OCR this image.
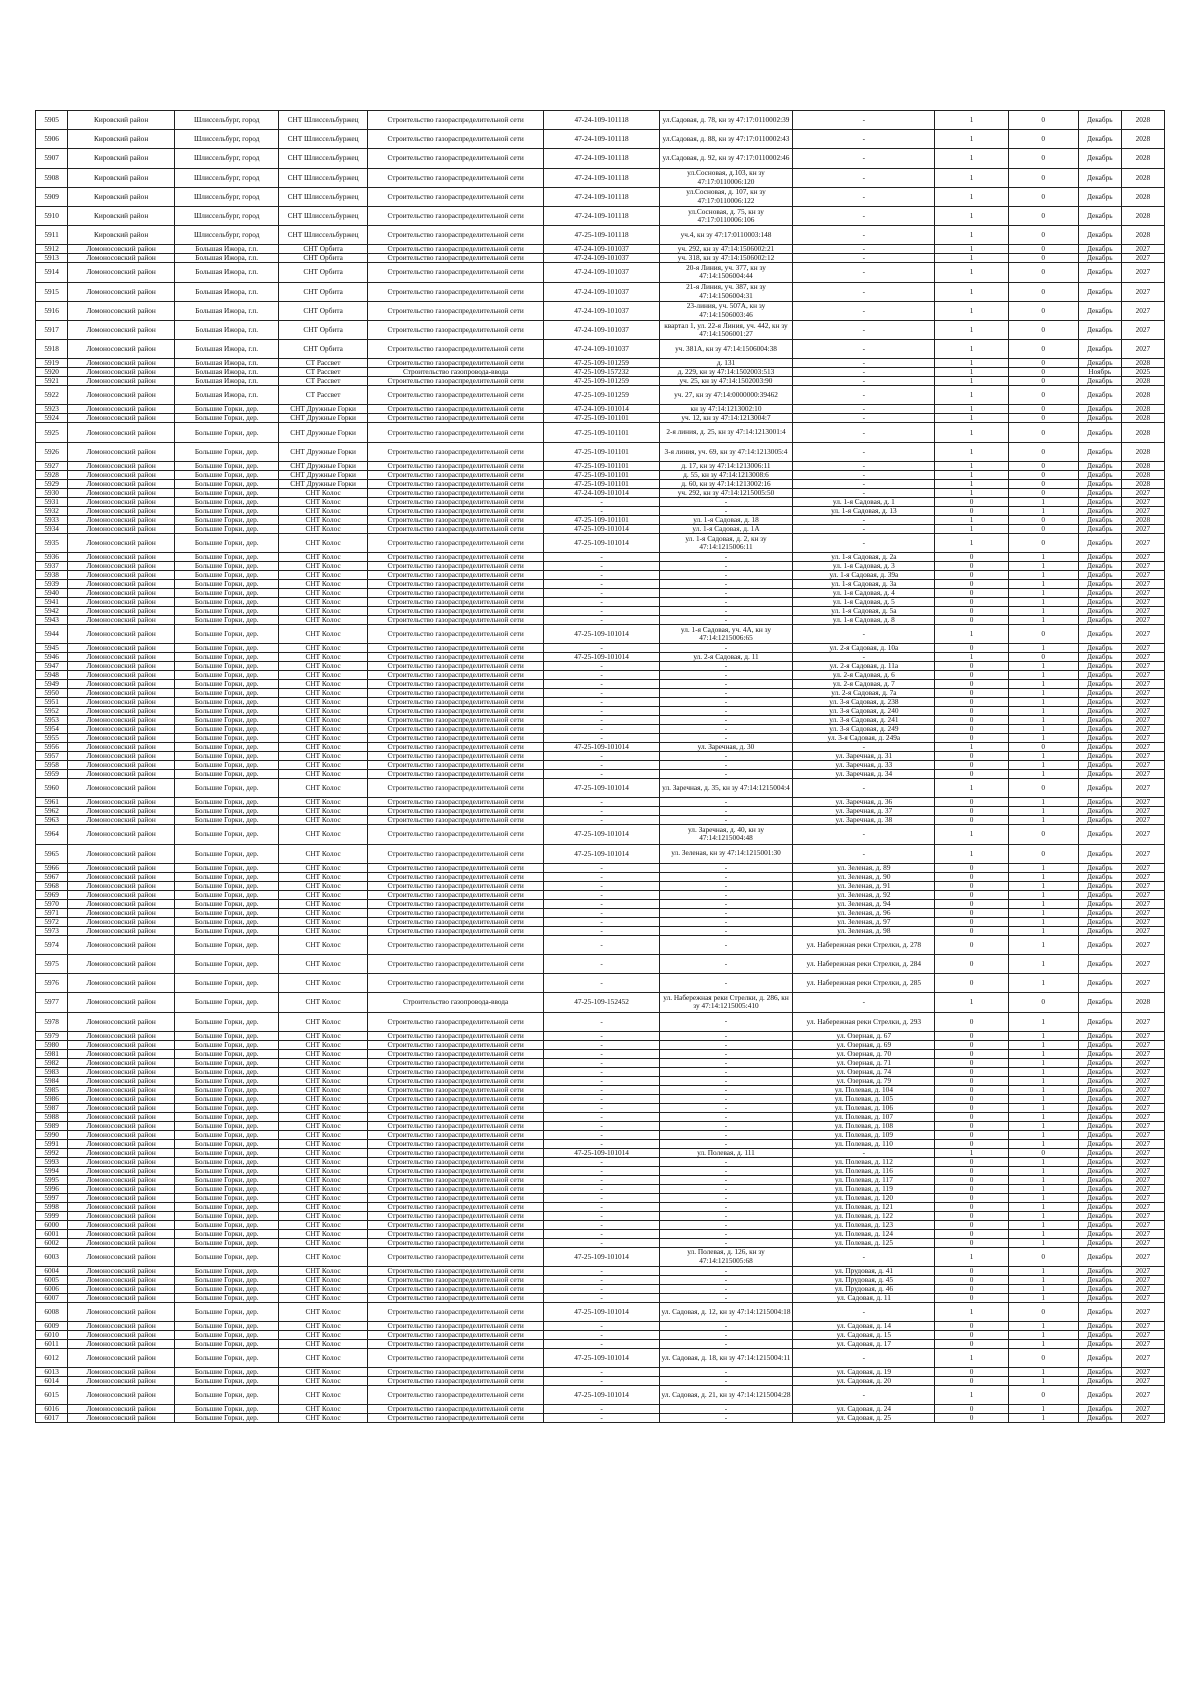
5905	Кировский район	Шлиссельбург, город	СНТ Шлиссельбуржец	Строительство газораспределительной сети	47-24-109-101118	ул.Садовая, д. 78, кн зу 47:17:0110002:39	-	1	0	Декабрь	2028
5906	Кировский район	Шлиссельбург, город	СНТ Шлиссельбуржец	Строительство газораспределительной сети	47-24-109-101118	ул.Садовая, д. 88, кн зу 47:17:0110002:43	-	1	0	Декабрь	2028
5907	Кировский район	Шлиссельбург, город	СНТ Шлиссельбуржец	Строительство газораспределительной сети	47-24-109-101118	ул.Садовая, д. 92, кн зу 47:17:0110002:46	-	1	0	Декабрь	2028
5908	Кировский район	Шлиссельбург, город	СНТ Шлиссельбуржец	Строительство газораспределительной сети	47-24-109-101118	ул.Сосновая, д.103, кн зу 47:17:0110006:120	-	1	0	Декабрь	2028
5909	Кировский район	Шлиссельбург, город	СНТ Шлиссельбуржец	Строительство газораспределительной сети	47-24-109-101118	ул.Сосновая, д. 107, кн зу 47:17:0110006:122	-	1	0	Декабрь	2028
5910	Кировский район	Шлиссельбург, город	СНТ Шлиссельбуржец	Строительство газораспределительной сети	47-24-109-101118	ул.Сосновая, д. 75, кн зу 47:17:0110006:106	-	1	0	Декабрь	2028
5911	Кировский район	Шлиссельбург, город	СНТ Шлиссельбуржец	Строительство газораспределительной сети	47-25-109-101118	уч.4, кн зу 47:17:0110003:148	-	1	0	Декабрь	2028
5912	Ломоносовский район	Большая Ижора, г.п.	СНТ Орбита	Строительство газораспределительной сети	47-24-109-101037	уч. 292, кн зу 47:14:1506002:21	-	1	0	Декабрь	2027
5913	Ломоносовский район	Большая Ижора, г.п.	СНТ Орбита	Строительство газораспределительной сети	47-24-109-101037	уч. 318, кн зу 47:14:1506002:12	-	1	0	Декабрь	2027
5914	Ломоносовский район	Большая Ижора, г.п.	СНТ Орбита	Строительство газораспределительной сети	47-24-109-101037	20-я Линия, уч. 377, кн зу 47:14:1506004:44	-	1	0	Декабрь	2027
5915	Ломоносовский район	Большая Ижора, г.п.	СНТ Орбита	Строительство газораспределительной сети	47-24-109-101037	21-я Линия, уч. 387, кн зу 47:14:1506004:31	-	1	0	Декабрь	2027
5916	Ломоносовский район	Большая Ижора, г.п.	СНТ Орбита	Строительство газораспределительной сети	47-24-109-101037	23-линия, уч. 507А, кн зу 47:14:1506003:46	-	1	0	Декабрь	2027
5917	Ломоносовский район	Большая Ижора, г.п.	СНТ Орбита	Строительство газораспределительной сети	47-24-109-101037	квартал 1, ул. 22-я Линия, уч. 442, кн зу 47:14:1506001:27	-	1	0	Декабрь	2027
5918	Ломоносовский район	Большая Ижора, г.п.	СНТ Орбита	Строительство газораспределительной сети	47-24-109-101037	уч. 381А, кн зу 47:14:1506004:38	-	1	0	Декабрь	2027
5919	Ломоносовский район	Большая Ижора, г.п.	СТ Рассвет	Строительство газораспределительной сети	47-25-109-101259	д. 131	-	1	0	Декабрь	2028
5920	Ломоносовский район	Большая Ижора, г.п.	СТ Рассвет	Строительство газопровода-ввода	47-25-109-157232	д. 229, кн зу 47:14:1502003:513	-	1	0	Ноябрь	2025
5921	Ломоносовский район	Большая Ижора, г.п.	СТ Рассвет	Строительство газораспределительной сети	47-25-109-101259	уч. 25, кн зу 47:14:1502003:90	-	1	0	Декабрь	2028
5922	Ломоносовский район	Большая Ижора, г.п.	СТ Рассвет	Строительство газораспределительной сети	47-25-109-101259	уч. 27, кн зу 47:14:0000000:39462	-	1	0	Декабрь	2028
5923	Ломоносовский район	Большие Горки, дер.	СНТ Дружные Горки	Строительство газораспределительной сети	47-24-109-101014	кн зу 47:14:1213002:10	-	1	0	Декабрь	2028
5924	Ломоносовский район	Большие Горки, дер.	СНТ Дружные Горки	Строительство газораспределительной сети	47-25-109-101101	уч. 12, кн зу 47:14:1213004:7	-	1	0	Декабрь	2028
5925	Ломоносовский район	Большие Горки, дер.	СНТ Дружные Горки	Строительство газораспределительной сети	47-25-109-101101	2-я линия, д. 25, кн зу 47:14:1213001:4	-	1	0	Декабрь	2028
5926	Ломоносовский район	Большие Горки, дер.	СНТ Дружные Горки	Строительство газораспределительной сети	47-25-109-101101	3-я линия, уч. 69, кн зу 47:14:1213005:4	-	1	0	Декабрь	2028
5927	Ломоносовский район	Большие Горки, дер.	СНТ Дружные Горки	Строительство газораспределительной сети	47-25-109-101101	д. 17, кн зу 47:14:1213006:11	-	1	0	Декабрь	2028
5928	Ломоносовский район	Большие Горки, дер.	СНТ Дружные Горки	Строительство газораспределительной сети	47-25-109-101101	д. 55, кн зу 47:14:1213008:6	-	1	0	Декабрь	2028
5929	Ломоносовский район	Большие Горки, дер.	СНТ Дружные Горки	Строительство газораспределительной сети	47-25-109-101101	д. 60, кн зу 47:14:1213002:16	-	1	0	Декабрь	2028
5930	Ломоносовский район	Большие Горки, дер.	СНТ Колос	Строительство газораспределительной сети	47-24-109-101014	уч. 292, кн зу 47:14:1215005:50	-	1	0	Декабрь	2027
5931	Ломоносовский район	Большие Горки, дер.	СНТ Колос	Строительство газораспределительной сети	-	-	ул. 1-я Садовая, д. 1	0	1	Декабрь	2027
5932	Ломоносовский район	Большие Горки, дер.	СНТ Колос	Строительство газораспределительной сети	-	-	ул. 1-я Садовая, д. 13	0	1	Декабрь	2027
5933	Ломоносовский район	Большие Горки, дер.	СНТ Колос	Строительство газораспределительной сети	47-25-109-101101	ул. 1-я Садовая, д. 18	-	1	0	Декабрь	2028
5934	Ломоносовский район	Большие Горки, дер.	СНТ Колос	Строительство газораспределительной сети	47-25-109-101014	ул. 1-я Садовая, д. 1А	-	1	0	Декабрь	2027
5935	Ломоносовский район	Большие Горки, дер.	СНТ Колос	Строительство газораспределительной сети	47-25-109-101014	ул. 1-я Садовая, д. 2, кн зу 47:14:1215006:11	-	1	0	Декабрь	2027
5936	Ломоносовский район	Большие Горки, дер.	СНТ Колос	Строительство газораспределительной сети	-	-	ул. 1-я Садовая, д. 2а	0	1	Декабрь	2027
5937	Ломоносовский район	Большие Горки, дер.	СНТ Колос	Строительство газораспределительной сети	-	-	ул. 1-я Садовая, д. 3	0	1	Декабрь	2027
5938	Ломоносовский район	Большие Горки, дер.	СНТ Колос	Строительство газораспределительной сети	-	-	ул. 1-я Садовая, д. 39а	0	1	Декабрь	2027
5939	Ломоносовский район	Большие Горки, дер.	СНТ Колос	Строительство газораспределительной сети	-	-	ул. 1-я Садовая, д. 3а	0	1	Декабрь	2027
5940	Ломоносовский район	Большие Горки, дер.	СНТ Колос	Строительство газораспределительной сети	-	-	ул. 1-я Садовая, д. 4	0	1	Декабрь	2027
5941	Ломоносовский район	Большие Горки, дер.	СНТ Колос	Строительство газораспределительной сети	-	-	ул. 1-я Садовая, д. 5	0	1	Декабрь	2027
5942	Ломоносовский район	Большие Горки, дер.	СНТ Колос	Строительство газораспределительной сети	-	-	ул. 1-я Садовая, д. 5а	0	1	Декабрь	2027
5943	Ломоносовский район	Большие Горки, дер.	СНТ Колос	Строительство газораспределительной сети	-	-	ул. 1-я Садовая, д. 8	0	1	Декабрь	2027
5944	Ломоносовский район	Большие Горки, дер.	СНТ Колос	Строительство газораспределительной сети	47-25-109-101014	ул. 1-я Садовая, уч. 4А, кн зу 47:14:1215006:65	-	1	0	Декабрь	2027
5945	Ломоносовский район	Большие Горки, дер.	СНТ Колос	Строительство газораспределительной сети	-	-	ул. 2-я Садовая, д. 10а	0	1	Декабрь	2027
5946	Ломоносовский район	Большие Горки, дер.	СНТ Колос	Строительство газораспределительной сети	47-25-109-101014	ул. 2-я Садовая, д. 11	-	1	0	Декабрь	2027
5947	Ломоносовский район	Большие Горки, дер.	СНТ Колос	Строительство газораспределительной сети	-	-	ул. 2-я Садовая, д. 11а	0	1	Декабрь	2027
5948	Ломоносовский район	Большие Горки, дер.	СНТ Колос	Строительство газораспределительной сети	-	-	ул. 2-я Садовая, д. 6	0	1	Декабрь	2027
5949	Ломоносовский район	Большие Горки, дер.	СНТ Колос	Строительство газораспределительной сети	-	-	ул. 2-я Садовая, д. 7	0	1	Декабрь	2027
5950	Ломоносовский район	Большие Горки, дер.	СНТ Колос	Строительство газораспределительной сети	-	-	ул. 2-я Садовая, д. 7а	0	1	Декабрь	2027
5951	Ломоносовский район	Большие Горки, дер.	СНТ Колос	Строительство газораспределительной сети	-	-	ул. 3-я Садовая, д. 238	0	1	Декабрь	2027
5952	Ломоносовский район	Большие Горки, дер.	СНТ Колос	Строительство газораспределительной сети	-	-	ул. 3-я Садовая, д. 240	0	1	Декабрь	2027
5953	Ломоносовский район	Большие Горки, дер.	СНТ Колос	Строительство газораспределительной сети	-	-	ул. 3-я Садовая, д. 241	0	1	Декабрь	2027
5954	Ломоносовский район	Большие Горки, дер.	СНТ Колос	Строительство газораспределительной сети	-	-	ул. 3-я Садовая, д. 249	0	1	Декабрь	2027
5955	Ломоносовский район	Большие Горки, дер.	СНТ Колос	Строительство газораспределительной сети	-	-	ул. 3-я Садовая, д. 249а	0	1	Декабрь	2027
5956	Ломоносовский район	Большие Горки, дер.	СНТ Колос	Строительство газораспределительной сети	47-25-109-101014	ул. Заречная, д. 30	-	1	0	Декабрь	2027
5957	Ломоносовский район	Большие Горки, дер.	СНТ Колос	Строительство газораспределительной сети	-	-	ул. Заречная, д. 31	0	1	Декабрь	2027
5958	Ломоносовский район	Большие Горки, дер.	СНТ Колос	Строительство газораспределительной сети	-	-	ул. Заречная, д. 33	0	1	Декабрь	2027
5959	Ломоносовский район	Большие Горки, дер.	СНТ Колос	Строительство газораспределительной сети	-	-	ул. Заречная, д. 34	0	1	Декабрь	2027
5960	Ломоносовский район	Большие Горки, дер.	СНТ Колос	Строительство газораспределительной сети	47-25-109-101014	ул. Заречная, д. 35, кн зу 47:14:1215004:4	-	1	0	Декабрь	2027
5961	Ломоносовский район	Большие Горки, дер.	СНТ Колос	Строительство газораспределительной сети	-	-	ул. Заречная, д. 36	0	1	Декабрь	2027
5962	Ломоносовский район	Большие Горки, дер.	СНТ Колос	Строительство газораспределительной сети	-	-	ул. Заречная, д. 37	0	1	Декабрь	2027
5963	Ломоносовский район	Большие Горки, дер.	СНТ Колос	Строительство газораспределительной сети	-	-	ул. Заречная, д. 38	0	1	Декабрь	2027
5964	Ломоносовский район	Большие Горки, дер.	СНТ Колос	Строительство газораспределительной сети	47-25-109-101014	ул. Заречная, д. 40, кн зу 47:14:1215004:48	-	1	0	Декабрь	2027
5965	Ломоносовский район	Большие Горки, дер.	СНТ Колос	Строительство газораспределительной сети	47-25-109-101014	ул. Зеленая, кн зу 47:14:1215001:30	-	1	0	Декабрь	2027
5966	Ломоносовский район	Большие Горки, дер.	СНТ Колос	Строительство газораспределительной сети	-	-	ул. Зеленая, д. 89	0	1	Декабрь	2027
5967	Ломоносовский район	Большие Горки, дер.	СНТ Колос	Строительство газораспределительной сети	-	-	ул. Зеленая, д. 90	0	1	Декабрь	2027
5968	Ломоносовский район	Большие Горки, дер.	СНТ Колос	Строительство газораспределительной сети	-	-	ул. Зеленая, д. 91	0	1	Декабрь	2027
5969	Ломоносовский район	Большие Горки, дер.	СНТ Колос	Строительство газораспределительной сети	-	-	ул. Зеленая, д. 92	0	1	Декабрь	2027
5970	Ломоносовский район	Большие Горки, дер.	СНТ Колос	Строительство газораспределительной сети	-	-	ул. Зеленая, д. 94	0	1	Декабрь	2027
5971	Ломоносовский район	Большие Горки, дер.	СНТ Колос	Строительство газораспределительной сети	-	-	ул. Зеленая, д. 96	0	1	Декабрь	2027
5972	Ломоносовский район	Большие Горки, дер.	СНТ Колос	Строительство газораспределительной сети	-	-	ул. Зеленая, д. 97	0	1	Декабрь	2027
5973	Ломоносовский район	Большие Горки, дер.	СНТ Колос	Строительство газораспределительной сети	-	-	ул. Зеленая, д. 98	0	1	Декабрь	2027
5974	Ломоносовский район	Большие Горки, дер.	СНТ Колос	Строительство газораспределительной сети	-	-	ул. Набережная реки Стрелки, д. 278	0	1	Декабрь	2027
5975	Ломоносовский район	Большие Горки, дер.	СНТ Колос	Строительство газораспределительной сети	-	-	ул. Набережная реки Стрелки, д. 284	0	1	Декабрь	2027
5976	Ломоносовский район	Большие Горки, дер.	СНТ Колос	Строительство газораспределительной сети	-	-	ул. Набережная реки Стрелки, д. 285	0	1	Декабрь	2027
5977	Ломоносовский район	Большие Горки, дер.	СНТ Колос	Строительство газопровода-ввода	47-25-109-152452	ул. Набережная реки Стрелки, д. 286, кн зу 47:14:1215005:410	-	1	0	Декабрь	2028
5978	Ломоносовский район	Большие Горки, дер.	СНТ Колос	Строительство газораспределительной сети	-	-	ул. Набережная реки Стрелки, д. 293	0	1	Декабрь	2027
5979	Ломоносовский район	Большие Горки, дер.	СНТ Колос	Строительство газораспределительной сети	-	-	ул. Озерная, д. 67	0	1	Декабрь	2027
5980	Ломоносовский район	Большие Горки, дер.	СНТ Колос	Строительство газораспределительной сети	-	-	ул. Озерная, д. 69	0	1	Декабрь	2027
5981	Ломоносовский район	Большие Горки, дер.	СНТ Колос	Строительство газораспределительной сети	-	-	ул. Озерная, д. 70	0	1	Декабрь	2027
5982	Ломоносовский район	Большие Горки, дер.	СНТ Колос	Строительство газораспределительной сети	-	-	ул. Озерная, д. 71	0	1	Декабрь	2027
5983	Ломоносовский район	Большие Горки, дер.	СНТ Колос	Строительство газораспределительной сети	-	-	ул. Озерная, д. 74	0	1	Декабрь	2027
5984	Ломоносовский район	Большие Горки, дер.	СНТ Колос	Строительство газораспределительной сети	-	-	ул. Озерная, д. 79	0	1	Декабрь	2027
5985	Ломоносовский район	Большие Горки, дер.	СНТ Колос	Строительство газораспределительной сети	-	-	ул. Полевая, д. 104	0	1	Декабрь	2027
5986	Ломоносовский район	Большие Горки, дер.	СНТ Колос	Строительство газораспределительной сети	-	-	ул. Полевая, д. 105	0	1	Декабрь	2027
5987	Ломоносовский район	Большие Горки, дер.	СНТ Колос	Строительство газораспределительной сети	-	-	ул. Полевая, д. 106	0	1	Декабрь	2027
5988	Ломоносовский район	Большие Горки, дер.	СНТ Колос	Строительство газораспределительной сети	-	-	ул. Полевая, д. 107	0	1	Декабрь	2027
5989	Ломоносовский район	Большие Горки, дер.	СНТ Колос	Строительство газораспределительной сети	-	-	ул. Полевая, д. 108	0	1	Декабрь	2027
5990	Ломоносовский район	Большие Горки, дер.	СНТ Колос	Строительство газораспределительной сети	-	-	ул. Полевая, д. 109	0	1	Декабрь	2027
5991	Ломоносовский район	Большие Горки, дер.	СНТ Колос	Строительство газораспределительной сети	-	-	ул. Полевая, д. 110	0	1	Декабрь	2027
5992	Ломоносовский район	Большие Горки, дер.	СНТ Колос	Строительство газораспределительной сети	47-25-109-101014	ул. Полевая, д. 111	-	1	0	Декабрь	2027
5993	Ломоносовский район	Большие Горки, дер.	СНТ Колос	Строительство газораспределительной сети	-	-	ул. Полевая, д. 112	0	1	Декабрь	2027
5994	Ломоносовский район	Большие Горки, дер.	СНТ Колос	Строительство газораспределительной сети	-	-	ул. Полевая, д. 116	0	1	Декабрь	2027
5995	Ломоносовский район	Большие Горки, дер.	СНТ Колос	Строительство газораспределительной сети	-	-	ул. Полевая, д. 117	0	1	Декабрь	2027
5996	Ломоносовский район	Большие Горки, дер.	СНТ Колос	Строительство газораспределительной сети	-	-	ул. Полевая, д. 119	0	1	Декабрь	2027
5997	Ломоносовский район	Большие Горки, дер.	СНТ Колос	Строительство газораспределительной сети	-	-	ул. Полевая, д. 120	0	1	Декабрь	2027
5998	Ломоносовский район	Большие Горки, дер.	СНТ Колос	Строительство газораспределительной сети	-	-	ул. Полевая, д. 121	0	1	Декабрь	2027
5999	Ломоносовский район	Большие Горки, дер.	СНТ Колос	Строительство газораспределительной сети	-	-	ул. Полевая, д. 122	0	1	Декабрь	2027
6000	Ломоносовский район	Большие Горки, дер.	СНТ Колос	Строительство газораспределительной сети	-	-	ул. Полевая, д. 123	0	1	Декабрь	2027
6001	Ломоносовский район	Большие Горки, дер.	СНТ Колос	Строительство газораспределительной сети	-	-	ул. Полевая, д. 124	0	1	Декабрь	2027
6002	Ломоносовский район	Большие Горки, дер.	СНТ Колос	Строительство газораспределительной сети	-	-	ул. Полевая, д. 125	0	1	Декабрь	2027
6003	Ломоносовский район	Большие Горки, дер.	СНТ Колос	Строительство газораспределительной сети	47-25-109-101014	ул. Полевая, д. 126, кн зу 47:14:1215005:68	-	1	0	Декабрь	2027
6004	Ломоносовский район	Большие Горки, дер.	СНТ Колос	Строительство газораспределительной сети	-	-	ул. Прудовая, д. 41	0	1	Декабрь	2027
6005	Ломоносовский район	Большие Горки, дер.	СНТ Колос	Строительство газораспределительной сети	-	-	ул. Прудовая, д. 45	0	1	Декабрь	2027
6006	Ломоносовский район	Большие Горки, дер.	СНТ Колос	Строительство газораспределительной сети	-	-	ул. Прудовая, д. 46	0	1	Декабрь	2027
6007	Ломоносовский район	Большие Горки, дер.	СНТ Колос	Строительство газораспределительной сети	-	-	ул. Садовая, д. 11	0	1	Декабрь	2027
6008	Ломоносовский район	Большие Горки, дер.	СНТ Колос	Строительство газораспределительной сети	47-25-109-101014	ул. Садовая, д. 12, кн зу 47:14:1215004:18	-	1	0	Декабрь	2027
6009	Ломоносовский район	Большие Горки, дер.	СНТ Колос	Строительство газораспределительной сети	-	-	ул. Садовая, д. 14	0	1	Декабрь	2027
6010	Ломоносовский район	Большие Горки, дер.	СНТ Колос	Строительство газораспределительной сети	-	-	ул. Садовая, д. 15	0	1	Декабрь	2027
6011	Ломоносовский район	Большие Горки, дер.	СНТ Колос	Строительство газораспределительной сети	-	-	ул. Садовая, д. 17	0	1	Декабрь	2027
6012	Ломоносовский район	Большие Горки, дер.	СНТ Колос	Строительство газораспределительной сети	47-25-109-101014	ул. Садовая, д. 18, кн зу 47:14:1215004:11	-	1	0	Декабрь	2027
6013	Ломоносовский район	Большие Горки, дер.	СНТ Колос	Строительство газораспределительной сети	-	-	ул. Садовая, д. 19	0	1	Декабрь	2027
6014	Ломоносовский район	Большие Горки, дер.	СНТ Колос	Строительство газораспределительной сети	-	-	ул. Садовая, д. 20	0	1	Декабрь	2027
6015	Ломоносовский район	Большие Горки, дер.	СНТ Колос	Строительство газораспределительной сети	47-25-109-101014	ул. Садовая, д. 21, кн зу 47:14:1215004:28	-	1	0	Декабрь	2027
6016	Ломоносовский район	Большие Горки, дер.	СНТ Колос	Строительство газораспределительной сети	-	-	ул. Садовая, д. 24	0	1	Декабрь	2027
6017	Ломоносовский район	Большие Горки, дер.	СНТ Колос	Строительство газораспределительной сети	-	-	ул. Садовая, д. 25	0	1	Декабрь	2027
